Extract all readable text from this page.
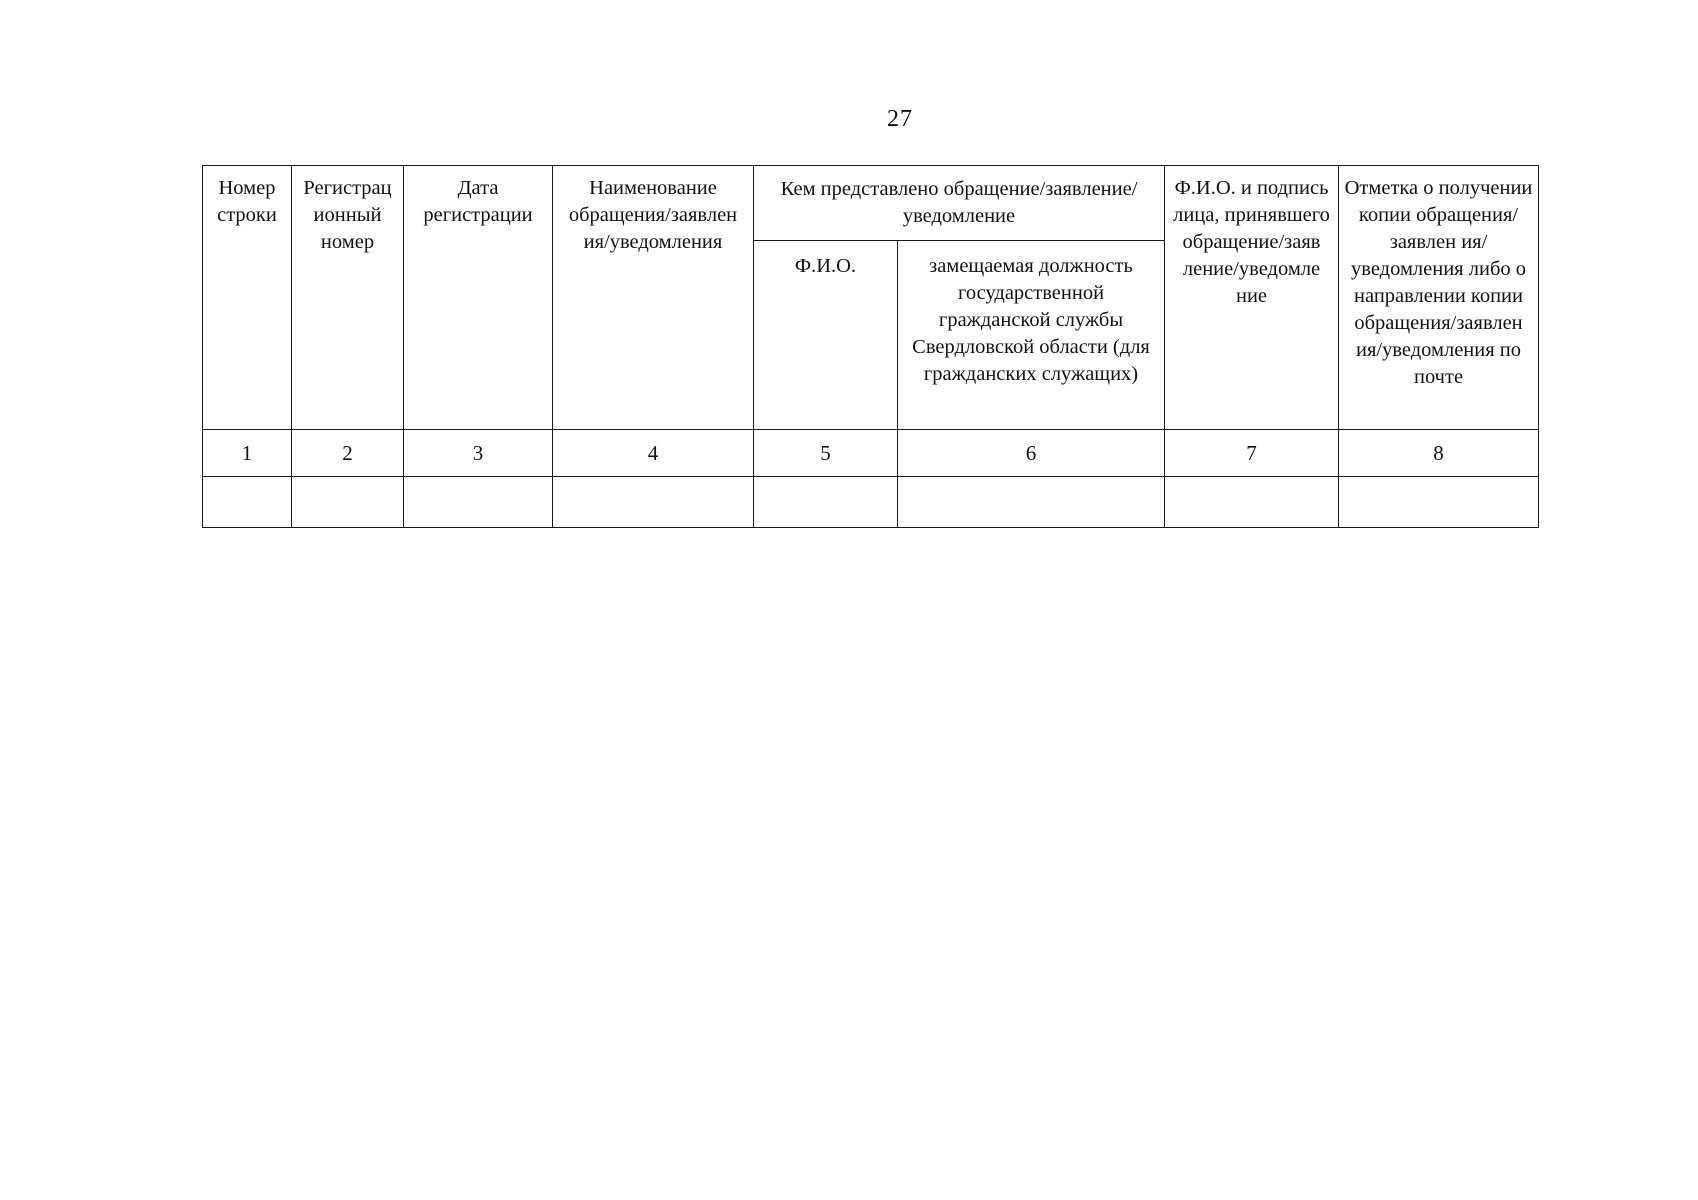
27
Номер строки	Регистрац ионный номер	Дата регистрации	Наименование обращения/заявлен ия/уведомления	Кем представлено обращение/заявление/уведомление		Ф.И.О. и подпись лица, принявшего обращение/заяв ление/уведомле ние	Отметка о получении копии обращения/заявлен ия/уведомления либо о направлении копии обращения/заявлен ия/уведомления по почте
				Ф.И.О.	замещаемая должность государственной гражданской службы Свердловской области (для гражданских служащих)		
1	2	3	4	5	6	7	8
